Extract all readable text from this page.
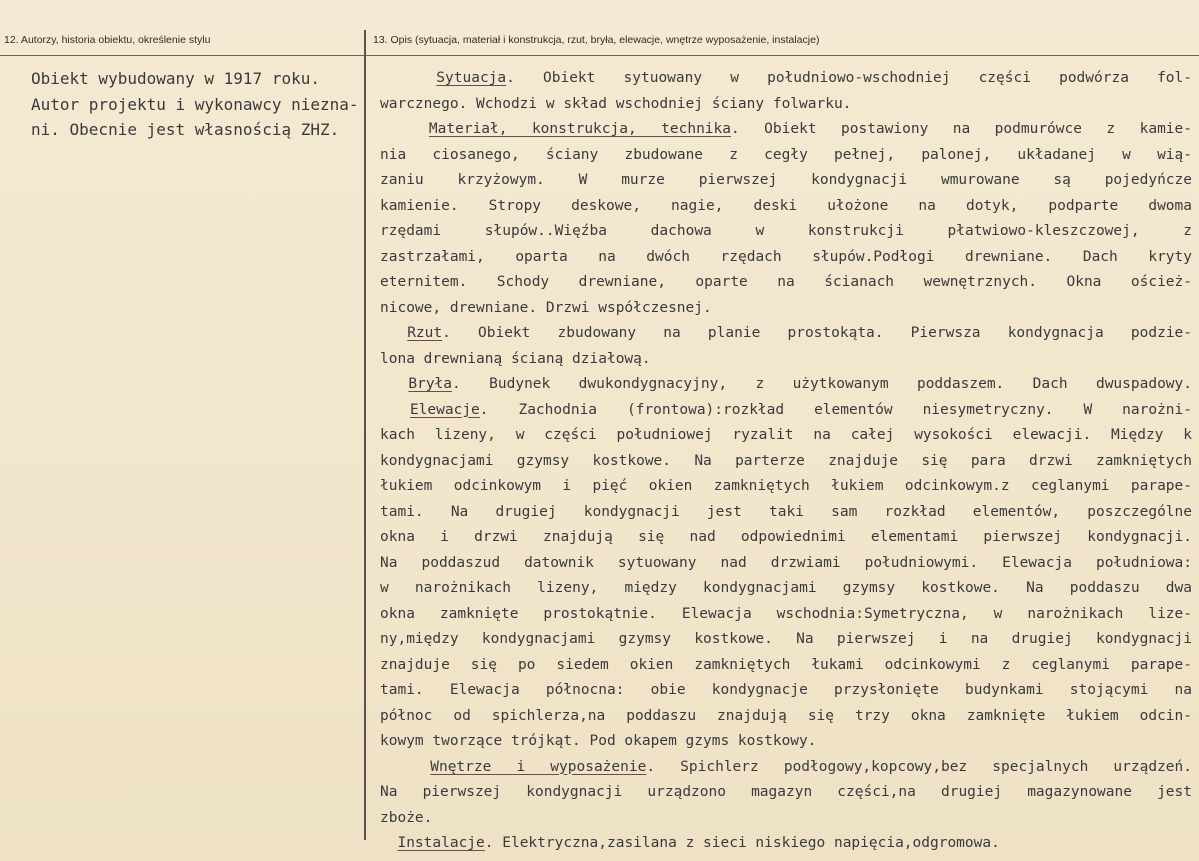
12. Autorzy, historia obiektu, określenie stylu	13. Opis (sytuacja, materiał i konstrukcja, rzut, bryła, elewacje, wnętrze wyposażenie, instalacje)
Obiekt wybudowany w 1917 roku.
Autor projektu i wykonawcy niezna-
ni. Obecnie jest własnością ZHZ.
Sytuacja. Obiekt sytuowany w południowo-wschodniej części podwórza fol-
warcznego. Wchodzi w skład wschodniej ściany folwarku.
Materiał, konstrukcja, technika. Obiekt postawiony na podmurówce z kamie-
nia ciosanego, ściany zbudowane z cegły pełnej, palonej, układanej w wią-
zaniu krzyżowym. W murze pierwszej kondygnacji wmurowane są pojedyńcze
kamienie. Stropy deskowe, nagie, deski ułożone na dotyk, podparte dwoma
rzędami słupów..Więźba dachowa w konstrukcji płatwiowo-kleszczowej, z
zastrzałami, oparta na dwóch rzędach słupów.Podłogi drewniane. Dach kryty
eternitem. Schody drewniane, oparte na ścianach wewnętrznych. Okna oścież-
nicowe, drewniane. Drzwi współczesnej.
Rzut. Obiekt zbudowany na planie prostokąta. Pierwsza kondygnacja podzie-
lona drewnianą ścianą działową.
Bryła. Budynek dwukondygnacyjny, z użytkowanym poddaszem. Dach dwuspadowy.
Elewacje. Zachodnia (frontowa):rozkład elementów niesymetryczny. W narożni-
kach lizeny, w części południowej ryzalit na całej wysokości elewacji. Między k
kondygnacjami gzymsy kostkowe. Na parterze znajduje się para drzwi zamkniętych
łukiem odcinkowym i pięć okien zamkniętych łukiem odcinkowym.z ceglanymi parape-
tami. Na drugiej kondygnacji jest taki sam rozkład elementów, poszczególne
okna i drzwi znajdują się nad odpowiednimi elementami pierwszej kondygnacji.
Na poddaszud datownik sytuowany nad drzwiami południowymi. Elewacja południowa:
w narożnikach lizeny, między kondygnacjami gzymsy kostkowe. Na poddaszu dwa
okna zamknięte prostokątnie. Elewacja wschodnia:Symetryczna, w narożnikach lize-
ny,między kondygnacjami gzymsy kostkowe. Na pierwszej i na drugiej kondygnacji
znajduje się po siedem okien zamkniętych łukami odcinkowymi z ceglanymi parape-
tami. Elewacja północna: obie kondygnacje przysłonięte budynkami stojącymi na
północ od spichlerza,na poddaszu znajdują się trzy okna zamknięte łukiem odcin-
kowym tworzące trójkąt. Pod okapem gzyms kostkowy.
Wnętrze i wyposażenie. Spichlerz podłogowy,kopcowy,bez specjalnych urządzeń.
Na pierwszej kondygnacji urządzono magazyn części,na drugiej magazynowane jest
zboże.
Instalacje. Elektryczna,zasilana z sieci niskiego napięcia,odgromowa.
